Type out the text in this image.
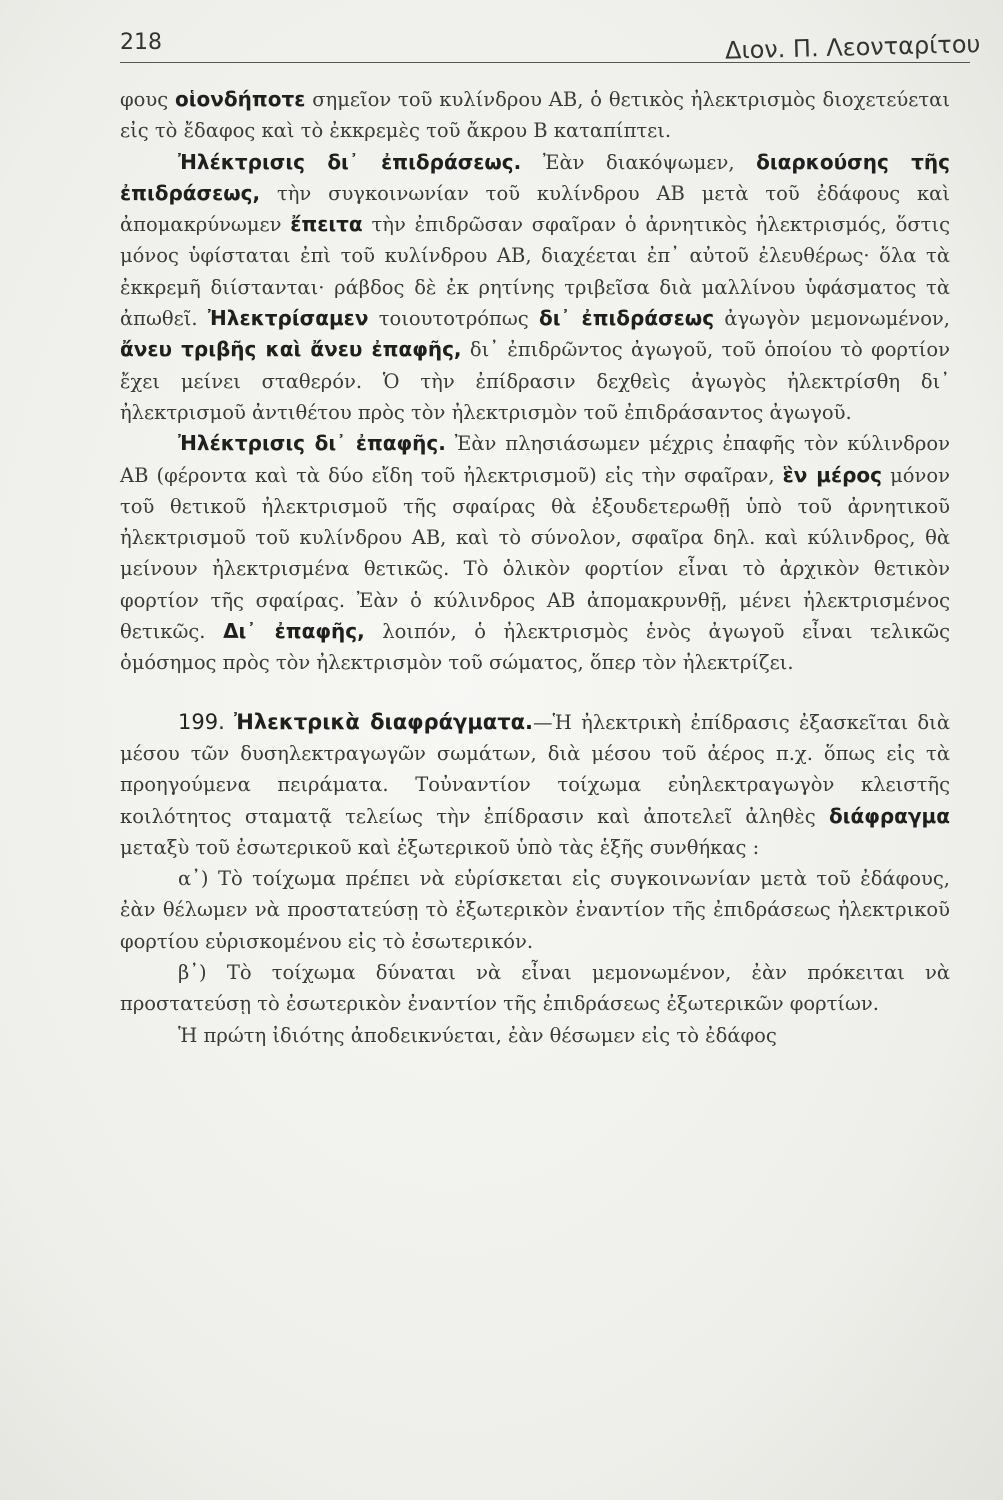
218	Διον. Π. Λεονταρίτου

φους οἱονδήποτε σημεῖον τοῦ κυλίνδρου ΑΒ, ὁ θετικὸς ἠλεκτρισμὸς διοχετεύεται εἰς τὸ ἔδαφος καὶ τὸ ἐκκρεμὲς τοῦ ἄκρου Β καταπίπτει.

Ἠλέκτρισις δι᾽ ἐπιδράσεως. Ἐὰν διακόψωμεν, διαρκούσης τῆς ἐπιδράσεως, τὴν συγκοινωνίαν τοῦ κυλίνδρου ΑΒ μετὰ τοῦ ἐδάφους καὶ ἀπομακρύνωμεν ἔπειτα τὴν ἐπιδρῶσαν σφαῖραν ὁ ἀρνητικὸς ἠλεκτρισμός, ὅστις μόνος ὑφίσταται ἐπὶ τοῦ κυλίνδρου ΑΒ, διαχέεται ἐπ᾽ αὐτοῦ ἐλευθέρως· ὅλα τὰ ἐκκρεμῆ διίστανται· ράβδος δὲ ἐκ ρητίνης τριβεῖσα διὰ μαλλίνου ὑφάσματος τὰ ἀπωθεῖ. Ἠλεκτρίσαμεν τοιουτοτρόπως δι᾽ ἐπιδράσεως ἀγωγὸν μεμονωμένον, ἄνευ τριβῆς καὶ ἄνευ ἐπαφῆς, δι᾽ ἐπιδρῶντος ἀγωγοῦ, τοῦ ὁποίου τὸ φορτίον ἔχει μείνει σταθερόν. Ὁ τὴν ἐπίδρασιν δεχθεὶς ἀγωγὸς ἠλεκτρίσθη δι᾽ ἠλεκτρισμοῦ ἀντιθέτου πρὸς τὸν ἠλεκτρισμὸν τοῦ ἐπιδράσαντος ἀγωγοῦ.

Ἠλέκτρισις δι᾽ ἐπαφῆς. Ἐὰν πλησιάσωμεν μέχρις ἐπαφῆς τὸν κύλινδρον ΑΒ (φέροντα καὶ τὰ δύο εἴδη τοῦ ἠλεκτρισμοῦ) εἰς τὴν σφαῖραν, ἓν μέρος μόνον τοῦ θετικοῦ ἠλεκτρισμοῦ τῆς σφαίρας θὰ ἐξουδετερωθῇ ὑπὸ τοῦ ἀρνητικοῦ ἠλεκτρισμοῦ τοῦ κυλίνδρου ΑΒ, καὶ τὸ σύνολον, σφαῖρα δηλ. καὶ κύλινδρος, θὰ μείνουν ἠλεκτρισμένα θετικῶς. Τὸ ὁλικὸν φορτίον εἶναι τὸ ἀρχικὸν θετικὸν φορτίον τῆς σφαίρας. Ἐὰν ὁ κύλινδρος ΑΒ ἀπομακρυνθῇ, μένει ἠλεκτρισμένος θετικῶς. Δι᾽ ἐπαφῆς, λοιπόν, ὁ ἠλεκτρισμὸς ἑνὸς ἀγωγοῦ εἶναι τελικῶς ὁμόσημος πρὸς τὸν ἠλεκτρισμὸν τοῦ σώματος, ὅπερ τὸν ἠλεκτρίζει.

199. Ἠλεκτρικὰ διαφράγματα.—Ἡ ἠλεκτρικὴ ἐπίδρασις ἐξασκεῖται διὰ μέσου τῶν δυσηλεκτραγωγῶν σωμάτων, διὰ μέσου τοῦ ἀέρος π.χ. ὅπως εἰς τὰ προηγούμενα πειράματα. Τοὐναντίον τοίχωμα εὐηλεκτραγωγὸν κλειστῆς κοιλότητος σταματᾷ τελείως τὴν ἐπίδρασιν καὶ ἀποτελεῖ ἀληθὲς διάφραγμα μεταξὺ τοῦ ἐσωτερικοῦ καὶ ἐξωτερικοῦ ὑπὸ τὰς ἑξῆς συνθήκας :

α᾽) Τὸ τοίχωμα πρέπει νὰ εὑρίσκεται εἰς συγκοινωνίαν μετὰ τοῦ ἐδάφους, ἐὰν θέλωμεν νὰ προστατεύσῃ τὸ ἐξωτερικὸν ἐναντίον τῆς ἐπιδράσεως ἠλεκτρικοῦ φορτίου εὑρισκομένου εἰς τὸ ἐσωτερικόν.

β᾽) Τὸ τοίχωμα δύναται νὰ εἶναι μεμονωμένον, ἐὰν πρόκειται νὰ προστατεύσῃ τὸ ἐσωτερικὸν ἐναντίον τῆς ἐπιδράσεως ἐξωτερικῶν φορτίων.

Ἡ πρώτη ἰδιότης ἀποδεικνύεται, ἐὰν θέσωμεν εἰς τὸ ἐδάφος
